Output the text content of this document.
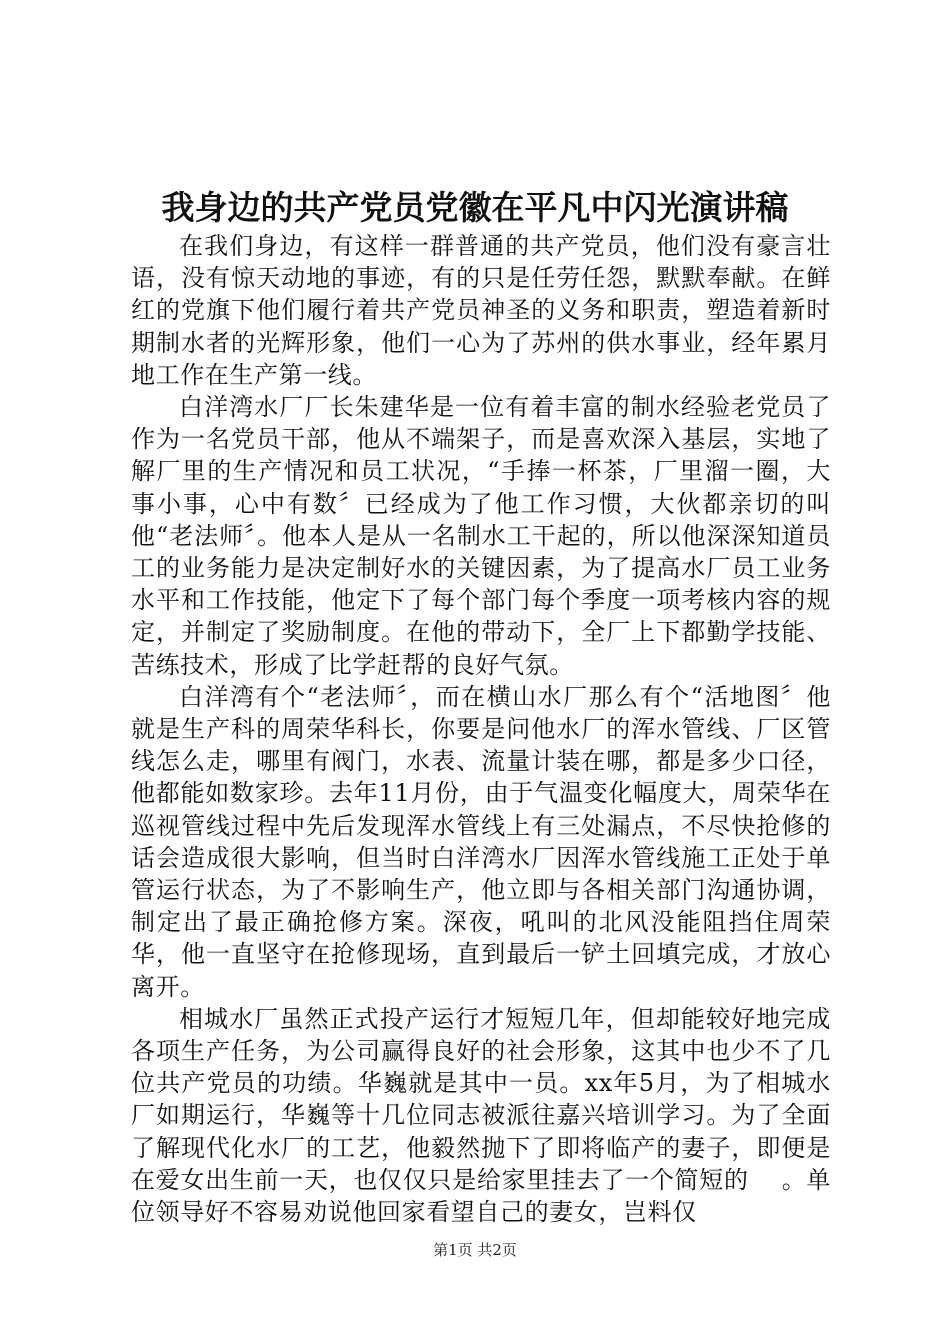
我身边的共产党员党徽在平凡中闪光演讲稿

在我们身边，有这样一群普通的共产党员，他们没有豪言壮语，没有惊天动地的事迹，有的只是任劳任怨，默默奉献。在鲜红的党旗下他们履行着共产党员神圣的义务和职责，塑造着新时期制水者的光辉形象，他们一心为了苏州的供水事业，经年累月地工作在生产第一线。

白洋湾水厂厂长朱建华是一位有着丰富的制水经验老党员了作为一名党员干部，他从不端架子，而是喜欢深入基层，实地了解厂里的生产情况和员工状况，“手捧一杯茶，厂里溜一圈，大事小事，心中有数〞已经成为了他工作习惯，大伙都亲切的叫他“老法师〞。他本人是从一名制水工干起的，所以他深深知道员工的业务能力是决定制好水的关键因素，为了提高水厂员工业务水平和工作技能，他定下了每个部门每个季度一项考核内容的规定，并制定了奖励制度。在他的带动下，全厂上下都勤学技能、苦练技术，形成了比学赶帮的良好气氛。

白洋湾有个“老法师〞，而在横山水厂那么有个“活地图〞他就是生产科的周荣华科长，你要是问他水厂的浑水管线、厂区管线怎么走，哪里有阀门，水表、流量计装在哪，都是多少口径，他都能如数家珍。去年11月份，由于气温变化幅度大，周荣华在巡视管线过程中先后发现浑水管线上有三处漏点，不尽快抢修的话会造成很大影响，但当时白洋湾水厂因浑水管线施工正处于单管运行状态，为了不影响生产，他立即与各相关部门沟通协调，制定出了最正确抢修方案。深夜，吼叫的北风没能阻挡住周荣华，他一直坚守在抢修现场，直到最后一铲土回填完成，才放心离开。

相城水厂虽然正式投产运行才短短几年，但却能较好地完成各项生产任务，为公司赢得良好的社会形象，这其中也少不了几位共产党员的功绩。华巍就是其中一员。xx年5月，为了相城水厂如期运行，华巍等十几位同志被派往嘉兴培训学习。为了全面了解现代化水厂的工艺，他毅然抛下了即将临产的妻子，即便是在爱女出生前一天，也仅仅只是给家里挂去了一个简短的　 。单位领导好不容易劝说他回家看望自己的妻女，岂料仅

第1页 共2页
